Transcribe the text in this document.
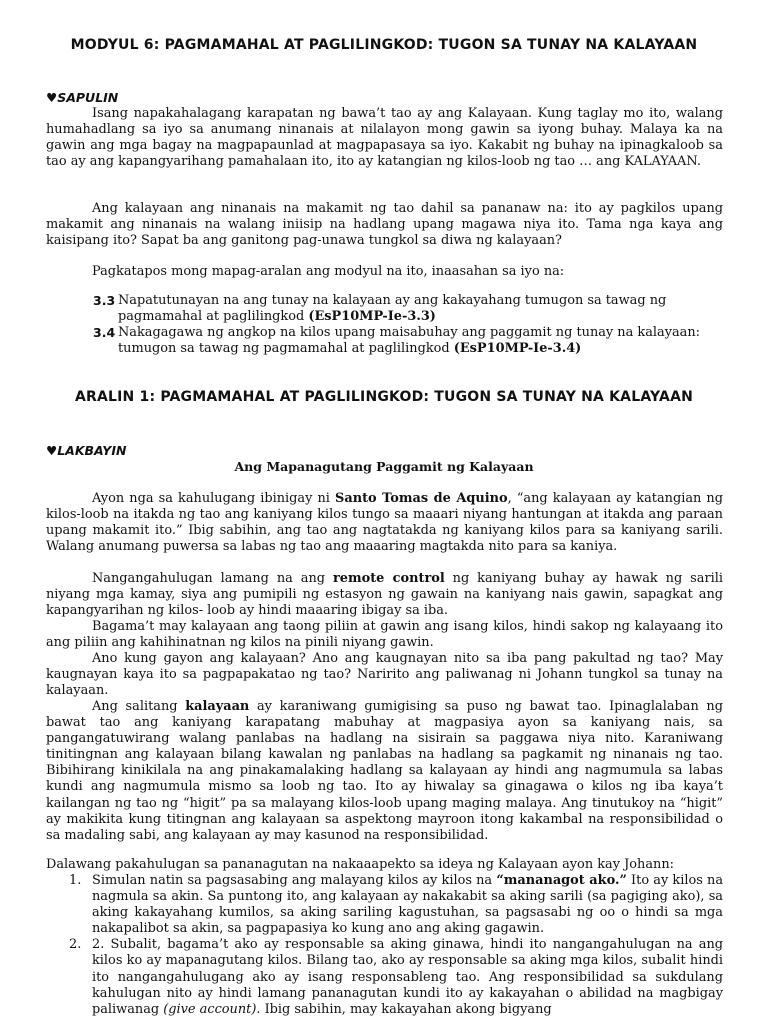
MODYUL 6: PAGMAMAHAL AT PAGLILINGKOD: TUGON SA TUNAY NA KALAYAAN
♥SAPULIN
Isang napakahalagang karapatan ng bawa’t tao ay ang Kalayaan. Kung taglay mo ito, walang humahadlang sa iyo sa anumang ninanais at nilalayon mong gawin sa iyong buhay. Malaya ka na gawin ang mga bagay na magpapaunlad at magpapasaya sa iyo. Kakabit ng buhay na ipinagkaloob sa tao ay ang kapangyarihang pamahalaan ito, ito ay katangian ng kilos-loob ng tao … ang KALAYAAN.
Ang kalayaan ang ninanais na makamit ng tao dahil sa pananaw na: ito ay pagkilos upang makamit ang ninanais na walang iniisip na hadlang upang magawa niya ito. Tama nga kaya ang kaisipang ito? Sapat ba ang ganitong pag-unawa tungkol sa diwa ng kalayaan?
Pagkatapos mong mapag-aralan ang modyul na ito, inaasahan sa iyo na:
3.3 Napatutunayan na ang tunay na kalayaan ay ang kakayahang tumugon sa tawag ng pagmamahal at paglilingkod (EsP10MP-Ie-3.3)
3.4 Nakagagawa ng angkop na kilos upang maisabuhay ang paggamit ng tunay na kalayaan: tumugon sa tawag ng pagmamahal at paglilingkod (EsP10MP-Ie-3.4)
ARALIN 1: PAGMAMAHAL AT PAGLILINGKOD: TUGON SA TUNAY NA KALAYAAN
♥LAKBAYIN
Ang Mapanagutang Paggamit ng Kalayaan
Ayon nga sa kahulugang ibinigay ni Santo Tomas de Aquino, “ang kalayaan ay katangian ng kilos-loob na itakda ng tao ang kaniyang kilos tungo sa maaari niyang hantungan at itakda ang paraan upang makamit ito.” Ibig sabihin, ang tao ang nagtatakda ng kaniyang kilos para sa kaniyang sarili. Walang anumang puwersa sa labas ng tao ang maaaring magtakda nito para sa kaniya.
Nangangahulugan lamang na ang remote control ng kaniyang buhay ay hawak ng sarili niyang mga kamay, siya ang pumipili ng estasyon ng gawain na kaniyang nais gawin, sapagkat ang kapangyarihan ng kilos- loob ay hindi maaaring ibigay sa iba.
Bagama’t may kalayaan ang taong piliin at gawin ang isang kilos, hindi sakop ng kalayaang ito ang piliin ang kahihinatnan ng kilos na pinili niyang gawin.
Ano kung gayon ang kalayaan? Ano ang kaugnayan nito sa iba pang pakultad ng tao? May kaugnayan kaya ito sa pagpapakatao ng tao? Naririto ang paliwanag ni Johann tungkol sa tunay na kalayaan.
Ang salitang kalayaan ay karaniwang gumigising sa puso ng bawat tao. Ipinaglalaban ng bawat tao ang kaniyang karapatang mabuhay at magpasiya ayon sa kaniyang nais, sa pangangatuwirang walang panlabas na hadlang na sisirain sa paggawa niya nito. Karaniwang tinitingnan ang kalayaan bilang kawalan ng panlabas na hadlang sa pagkamit ng ninanais ng tao. Bibihirang kinikilala na ang pinakamalaking hadlang sa kalayaan ay hindi ang nagmumula sa labas kundi ang nagmumula mismo sa loob ng tao. Ito ay hiwalay sa ginagawa o kilos ng iba kaya’t kailangan ng tao ng “higit” pa sa malayang kilos-loob upang maging malaya. Ang tinutukoy na “higit” ay makikita kung titingnan ang kalayaan sa aspektong mayroon itong kakambal na responsibilidad o sa madaling sabi, ang kalayaan ay may kasunod na responsibilidad.
Dalawang pakahulugan sa pananagutan na nakaaapekto sa ideya ng Kalayaan ayon kay Johann:
1. Simulan natin sa pagsasabing ang malayang kilos ay kilos na “mananagot ako.” Ito ay kilos na nagmula sa akin. Sa puntong ito, ang kalayaan ay nakakabit sa aking sarili (sa pagiging ako), sa aking kakayahang kumilos, sa aking sariling kagustuhan, sa pagsasabi ng oo o hindi sa mga nakapalibot sa akin, sa pagpapasiya ko kung ano ang aking gagawin.
2. 2. Subalit, bagama’t ako ay responsable sa aking ginawa, hindi ito nangangahulugan na ang kilos ko ay mapanagutang kilos. Bilang tao, ako ay responsable sa aking mga kilos, subalit hindi ito nangangahulugang ako ay isang responsableng tao. Ang responsibilidad sa sukdulang kahulugan nito ay hindi lamang pananagutan kundi ito ay kakayahan o abilidad na magbigay paliwanag (give account). Ibig sabihin, may kakayahan akong bigyang
